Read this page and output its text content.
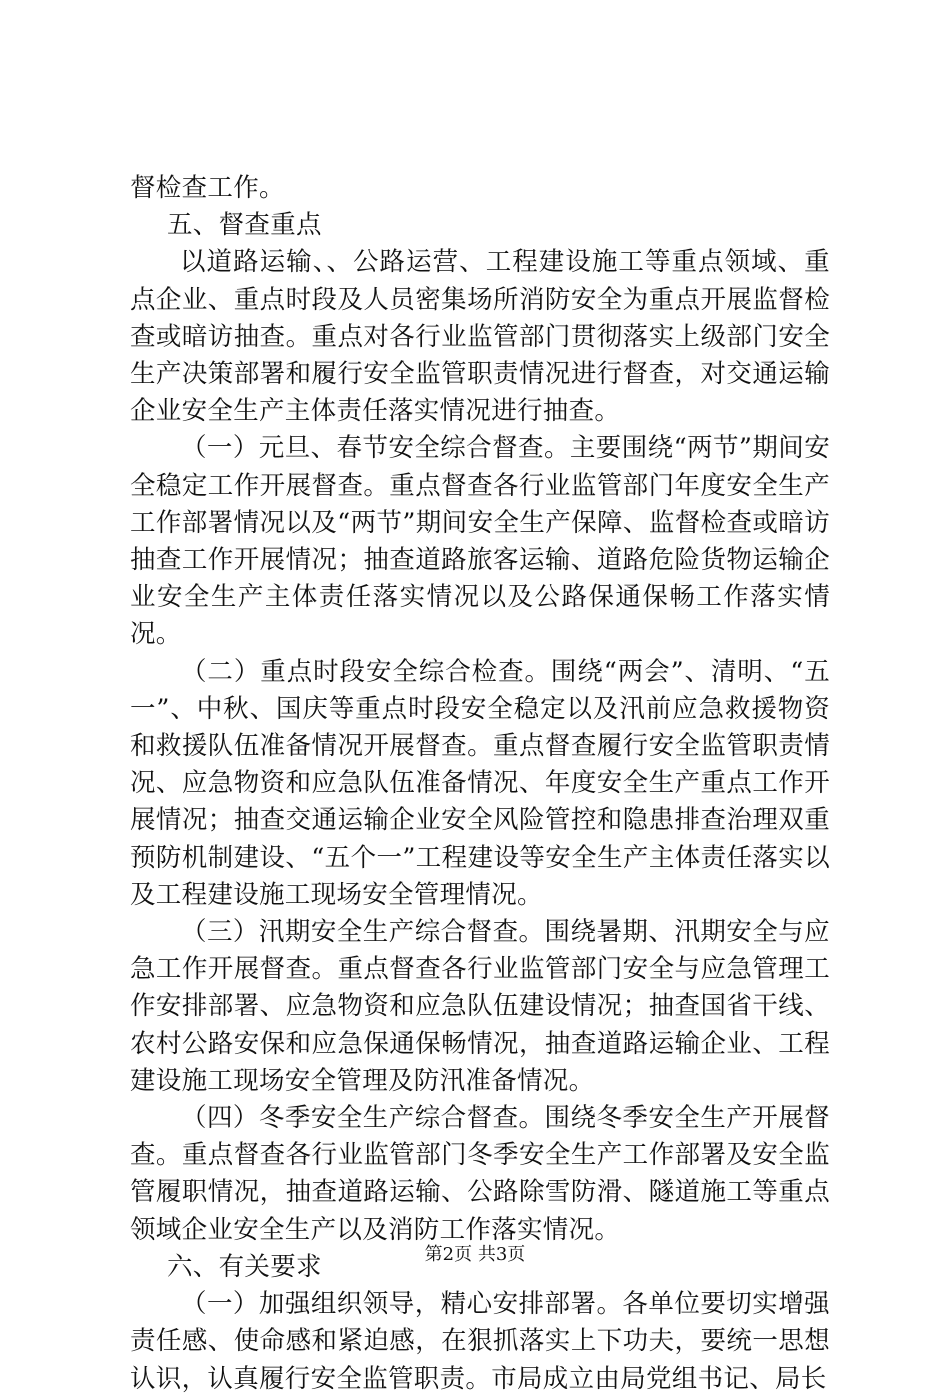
督检查工作。

五、督查重点

以道路运输、、公路运营、工程建设施工等重点领域、重点企业、重点时段及人员密集场所消防安全为重点开展监督检查或暗访抽查。重点对各行业监管部门贯彻落实上级部门安全生产决策部署和履行安全监管职责情况进行督查，对交通运输企业安全生产主体责任落实情况进行抽查。

（一）元旦、春节安全综合督查。主要围绕“两节”期间安全稳定工作开展督查。重点督查各行业监管部门年度安全生产工作部署情况以及“两节”期间安全生产保障、监督检查或暗访抽查工作开展情况；抽查道路旅客运输、道路危险货物运输企业安全生产主体责任落实情况以及公路保通保畅工作落实情况。

（二）重点时段安全综合检查。围绕“两会”、清明、“五一”、中秋、国庆等重点时段安全稳定以及汛前应急救援物资和救援队伍准备情况开展督查。重点督查履行安全监管职责情况、应急物资和应急队伍准备情况、年度安全生产重点工作开展情况；抽查交通运输企业安全风险管控和隐患排查治理双重预防机制建设、“五个一”工程建设等安全生产主体责任落实以及工程建设施工现场安全管理情况。

（三）汛期安全生产综合督查。围绕暑期、汛期安全与应急工作开展督查。重点督查各行业监管部门安全与应急管理工作安排部署、应急物资和应急队伍建设情况；抽查国省干线、农村公路安保和应急保通保畅情况，抽查道路运输企业、工程建设施工现场安全管理及防汛准备情况。

（四）冬季安全生产综合督查。围绕冬季安全生产开展督查。重点督查各行业监管部门冬季安全生产工作部署及安全监管履职情况，抽查道路运输、公路除雪防滑、隧道施工等重点领域企业安全生产以及消防工作落实情况。

六、有关要求

（一）加强组织领导，精心安排部署。各单位要切实增强责任感、使命感和紧迫感，在狠抓落实上下功夫，要统一思想认识，认真履行安全监管职责。市局成立由局党组书记、局长

第2页 共3页
